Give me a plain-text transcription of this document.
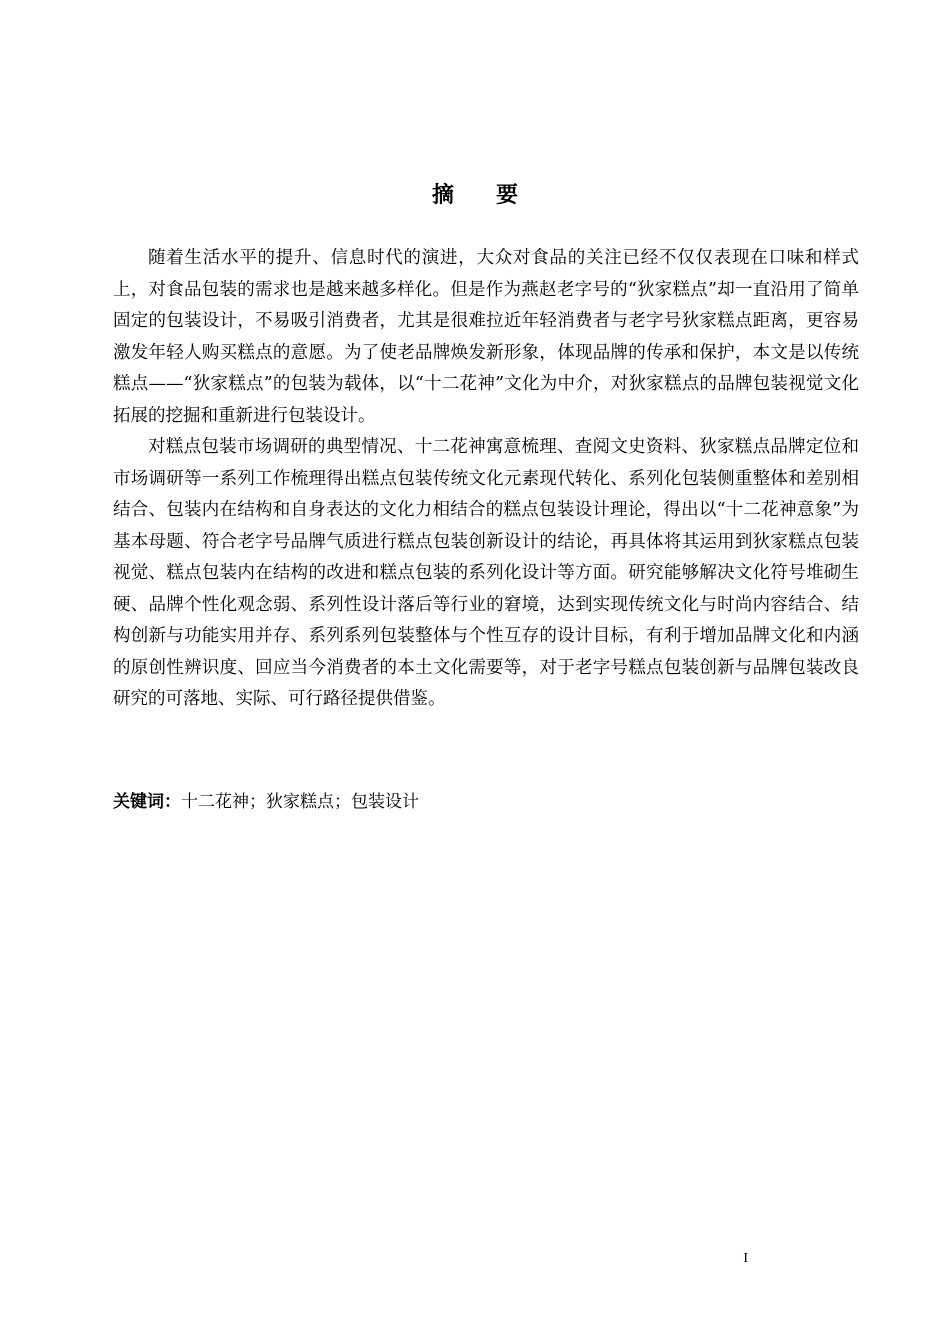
摘 要

随着生活水平的提升、信息时代的演进，大众对食品的关注已经不仅仅表现在口味和样式上，对食品包装的需求也是越来越多样化。但是作为燕赵老字号的“狄家糕点”却一直沿用了简单固定的包装设计，不易吸引消费者，尤其是很难拉近年轻消费者与老字号狄家糕点距离，更容易激发年轻人购买糕点的意愿。为了使老品牌焕发新形象，体现品牌的传承和保护，本文是以传统糕点——“狄家糕点”的包装为载体，以“十二花神”文化为中介，对狄家糕点的品牌包装视觉文化拓展的挖掘和重新进行包装设计。

对糕点包装市场调研的典型情况、十二花神寓意梳理、查阅文史资料、狄家糕点品牌定位和市场调研等一系列工作梳理得出糕点包装传统文化元素现代转化、系列化包装侧重整体和差别相结合、包装内在结构和自身表达的文化力相结合的糕点包装设计理论，得出以“十二花神意象”为基本母题、符合老字号品牌气质进行糕点包装创新设计的结论，再具体将其运用到狄家糕点包装视觉、糕点包装内在结构的改进和糕点包装的系列化设计等方面。研究能够解决文化符号堆砌生硬、品牌个性化观念弱、系列性设计落后等行业的窘境，达到实现传统文化与时尚内容结合、结构创新与功能实用并存、系列系列包装整体与个性互存的设计目标，有利于增加品牌文化和内涵的原创性辨识度、回应当今消费者的本土文化需要等，对于老字号糕点包装创新与品牌包装改良研究的可落地、实际、可行路径提供借鉴。

关键词：十二花神；狄家糕点；包装设计
I
